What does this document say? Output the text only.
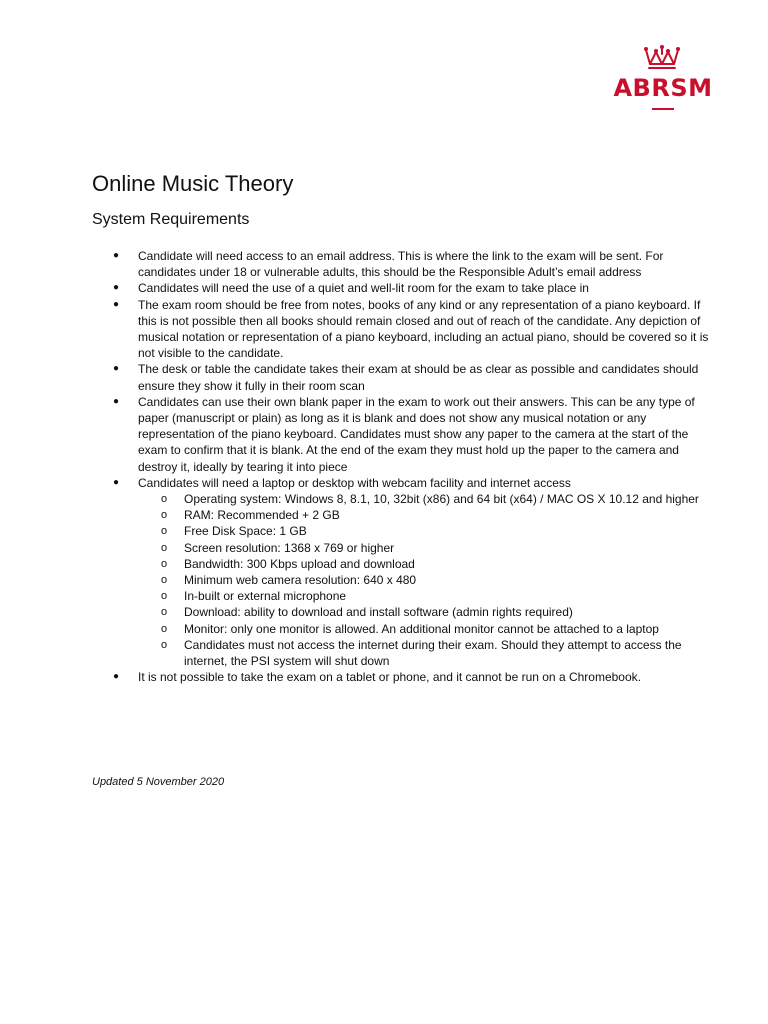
ABRSM
Online Music Theory
System Requirements
● Candidate will need access to an email address. This is where the link to the exam will be sent. For candidates under 18 or vulnerable adults, this should be the Responsible Adult’s email address
● Candidates will need the use of a quiet and well-lit room for the exam to take place in
● The exam room should be free from notes, books of any kind or any representation of a piano keyboard. If this is not possible then all books should remain closed and out of reach of the candidate. Any depiction of musical notation or representation of a piano keyboard, including an actual piano, should be covered so it is not visible to the candidate.
● The desk or table the candidate takes their exam at should be as clear as possible and candidates should ensure they show it fully in their room scan
● Candidates can use their own blank paper in the exam to work out their answers. This can be any type of paper (manuscript or plain) as long as it is blank and does not show any musical notation or any representation of the piano keyboard. Candidates must show any paper to the camera at the start of the exam to confirm that it is blank. At the end of the exam they must hold up the paper to the camera and destroy it, ideally by tearing it into piece
● Candidates will need a laptop or desktop with webcam facility and internet access
o Operating system: Windows 8, 8.1, 10, 32bit (x86) and 64 bit (x64) / MAC OS X 10.12 and higher
o RAM: Recommended + 2 GB
o Free Disk Space: 1 GB
o Screen resolution: 1368 x 769 or higher
o Bandwidth: 300 Kbps upload and download
o Minimum web camera resolution: 640 x 480
o In-built or external microphone
o Download: ability to download and install software (admin rights required)
o Monitor: only one monitor is allowed. An additional monitor cannot be attached to a laptop
o Candidates must not access the internet during their exam. Should they attempt to access the internet, the PSI system will shut down
● It is not possible to take the exam on a tablet or phone, and it cannot be run on a Chromebook.
Updated 5 November 2020
